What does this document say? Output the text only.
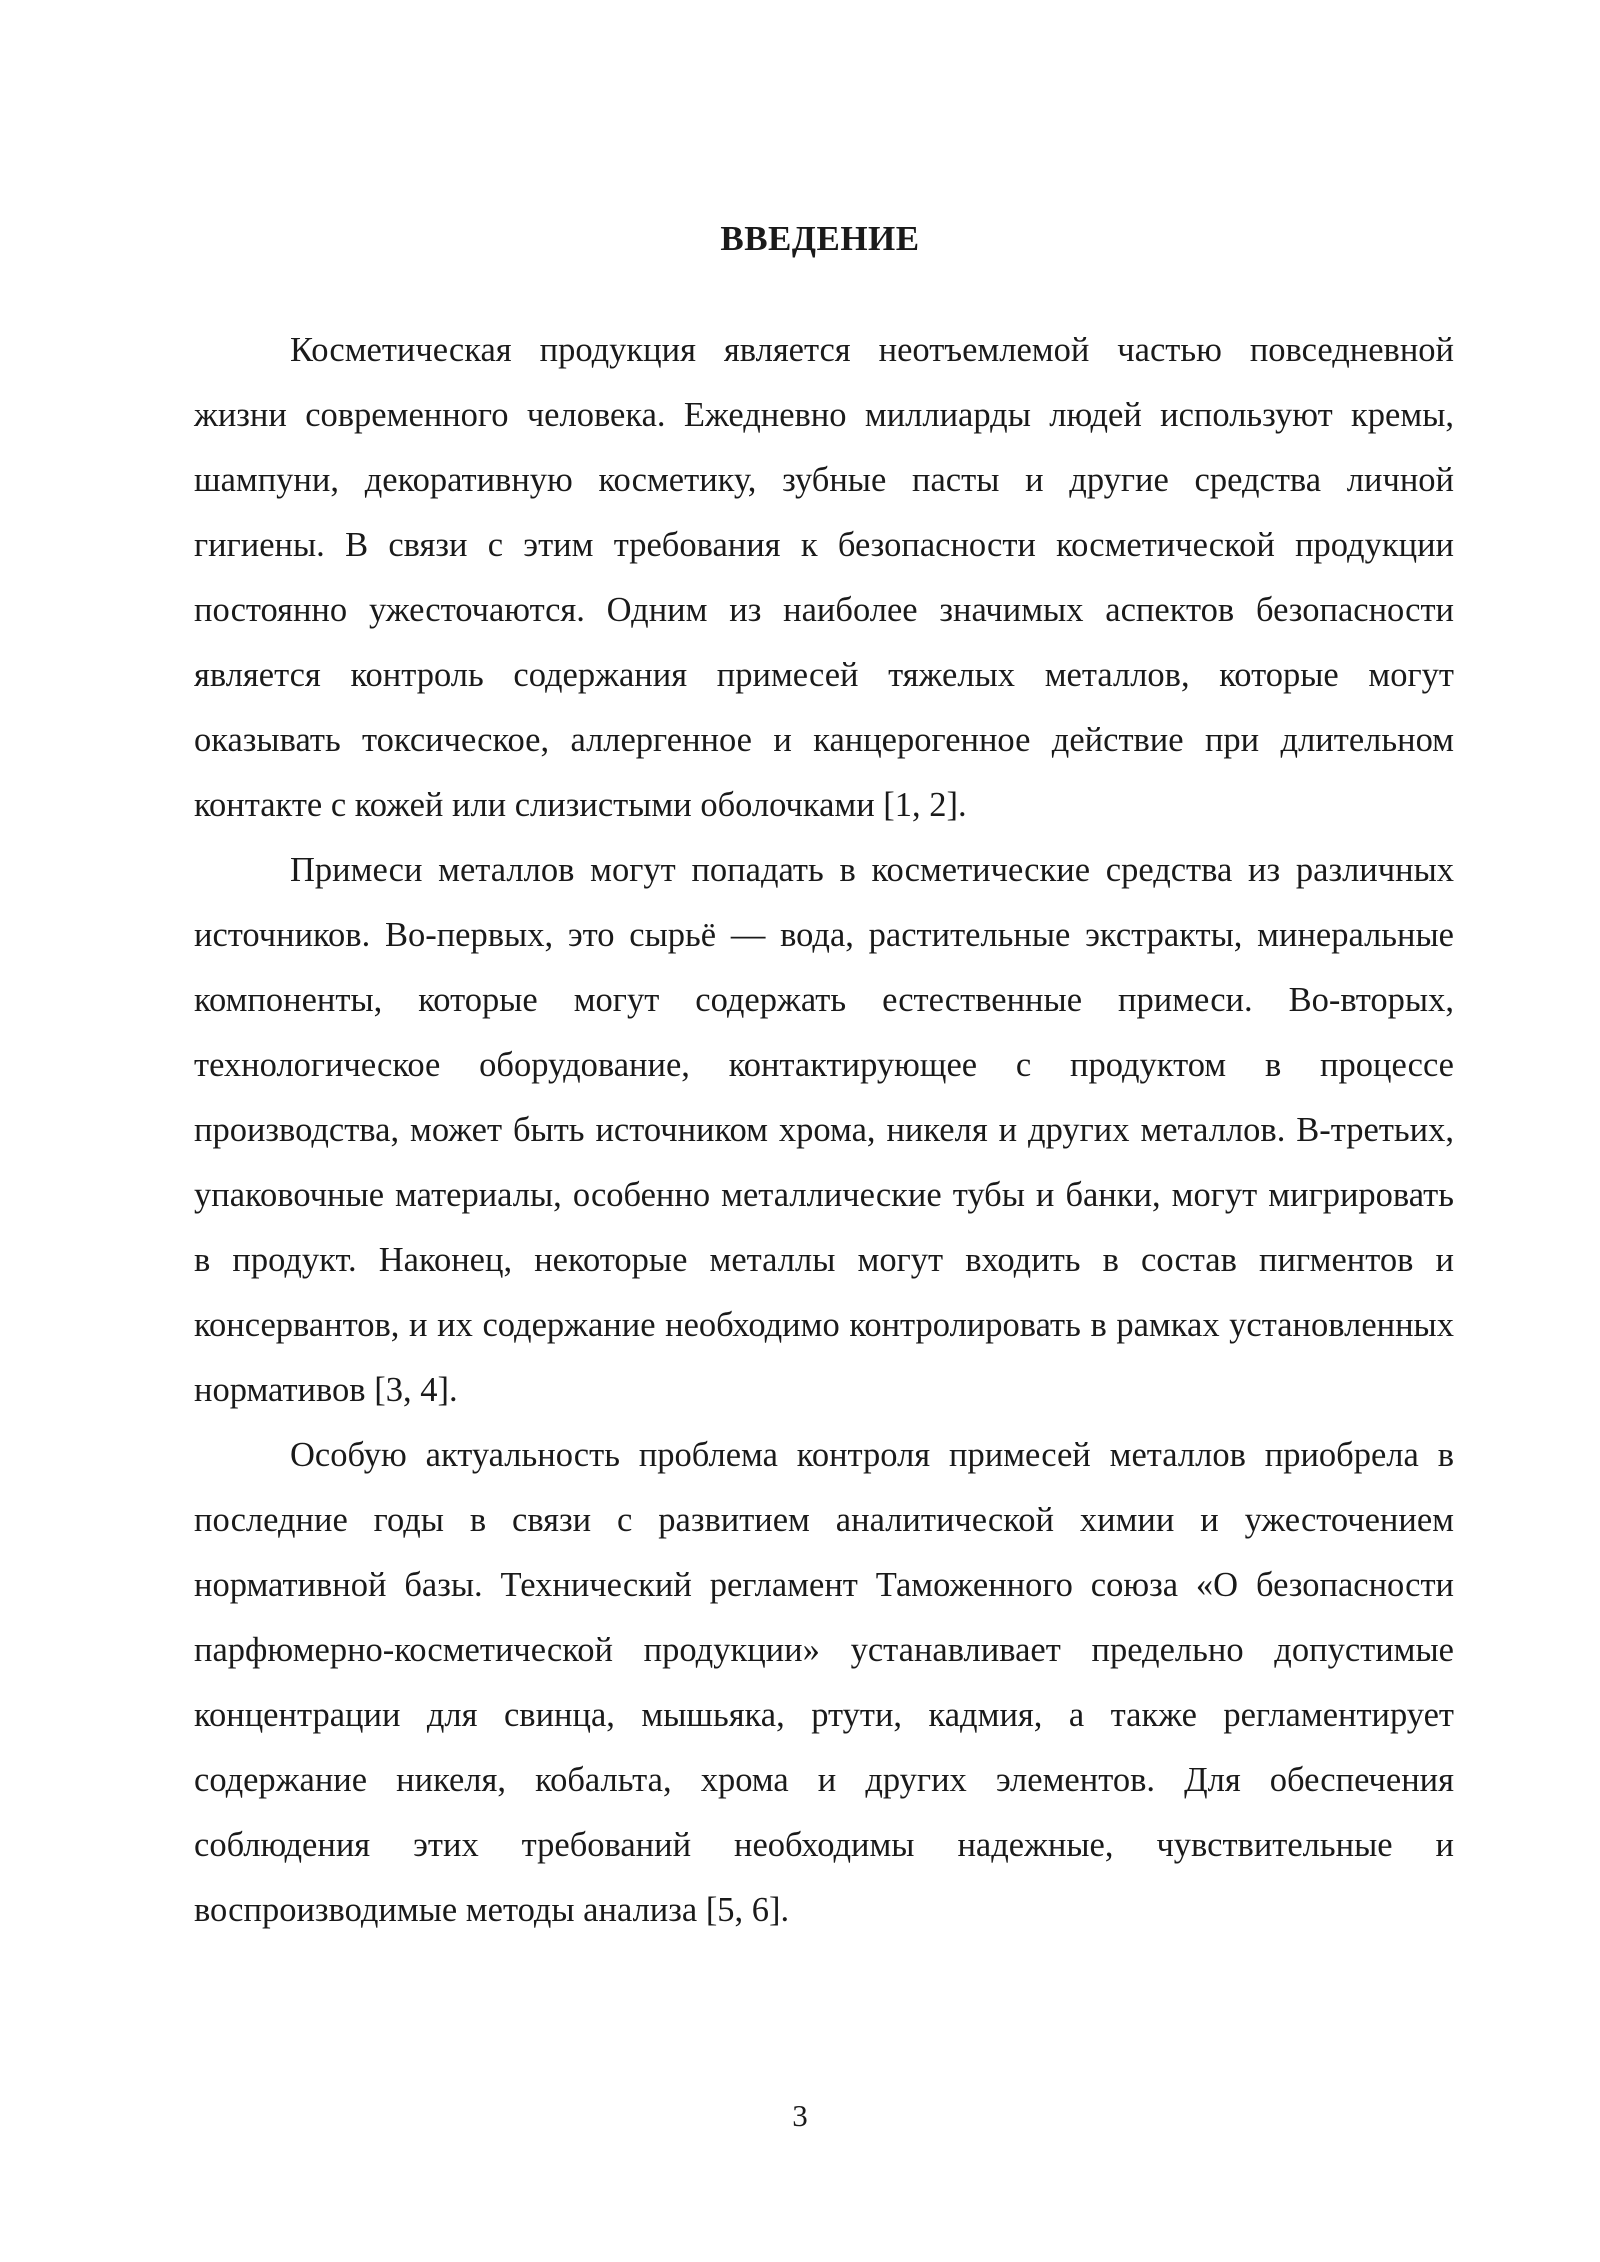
ВВЕДЕНИЕ

Косметическая продукция является неотъемлемой частью повседневной жизни современного человека. Ежедневно миллиарды людей используют кремы, шампуни, декоративную косметику, зубные пасты и другие средства личной гигиены. В связи с этим требования к безопасности косметической продукции постоянно ужесточаются. Одним из наиболее значимых аспектов безопасности является контроль содержания примесей тяжелых металлов, которые могут оказывать токсическое, аллергенное и канцерогенное действие при длительном контакте с кожей или слизистыми оболочками [1, 2].

Примеси металлов могут попадать в косметические средства из различных источников. Во-первых, это сырьё — вода, растительные экстракты, минеральные компоненты, которые могут содержать естественные примеси. Во-вторых, технологическое оборудование, контактирующее с продуктом в процессе производства, может быть источником хрома, никеля и других металлов. В-третьих, упаковочные материалы, особенно металлические тубы и банки, могут мигрировать в продукт. Наконец, некоторые металлы могут входить в состав пигментов и консервантов, и их содержание необходимо контролировать в рамках установленных нормативов [3, 4].

Особую актуальность проблема контроля примесей металлов приобрела в последние годы в связи с развитием аналитической химии и ужесточением нормативной базы. Технический регламент Таможенного союза «О безопасности парфюмерно-косметической продукции» устанавливает предельно допустимые концентрации для свинца, мышьяка, ртути, кадмия, а также регламентирует содержание никеля, кобальта, хрома и других элементов. Для обеспечения соблюдения этих требований необходимы надежные, чувствительные и воспроизводимые методы анализа [5, 6].

3
